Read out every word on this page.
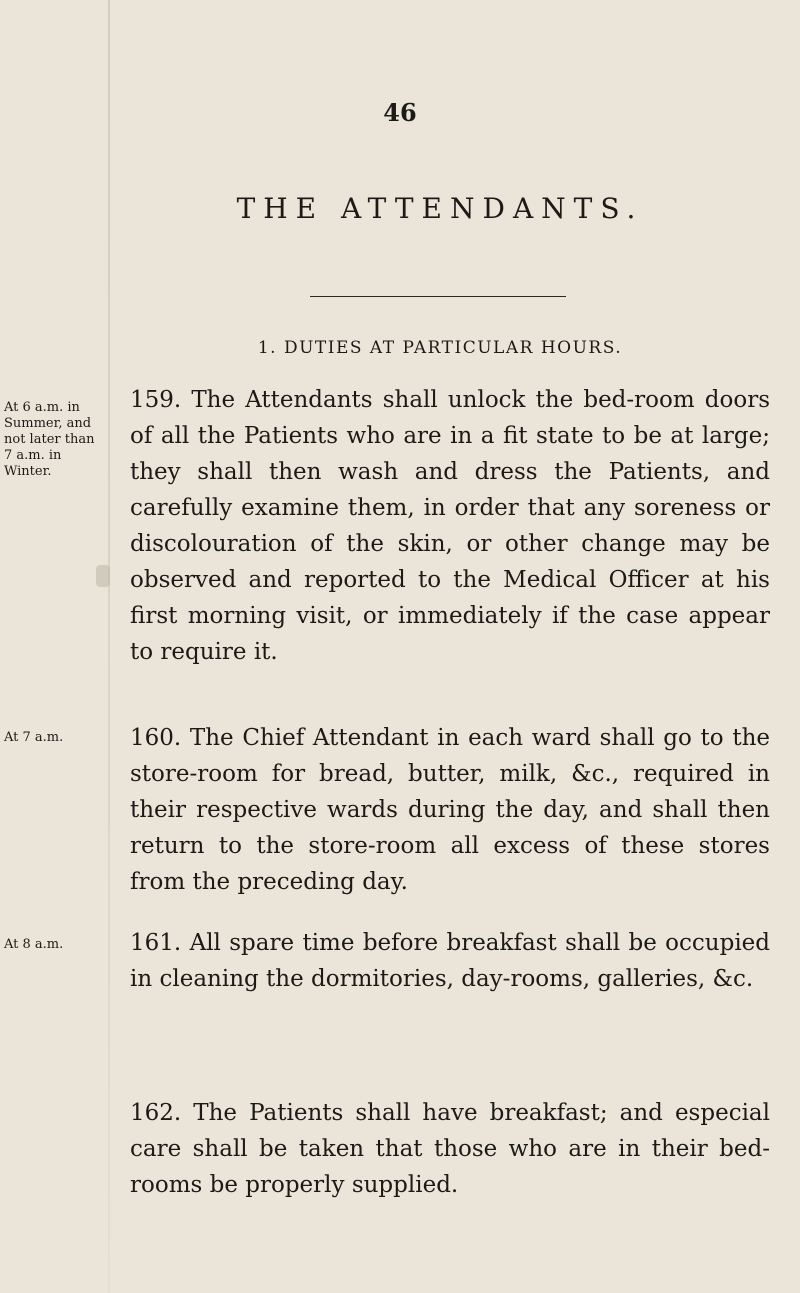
46
THE ATTENDANTS.
1. DUTIES AT PARTICULAR HOURS.
At 6 a.m. in Summer, and not later than 7 a.m. in Winter.

159. The Attendants shall unlock the bed-room doors of all the Patients who are in a fit state to be at large; they shall then wash and dress the Patients, and carefully examine them, in order that any soreness or discolouration of the skin, or other change may be observed and reported to the Medical Officer at his first morning visit, or immediately if the case appear to require it.

At 7 a.m.	160. The Chief Attendant in each ward shall go to the store-room for bread, butter, milk, &c., required in their respective wards during the day, and shall then return to the store-room all excess of these stores from the preceding day.

At 8 a.m.	161. All spare time before breakfast shall be occupied in cleaning the dormitories, day-rooms, galleries, &c.

162. The Patients shall have breakfast; and especial care shall be taken that those who are in their bed-rooms be properly supplied.
